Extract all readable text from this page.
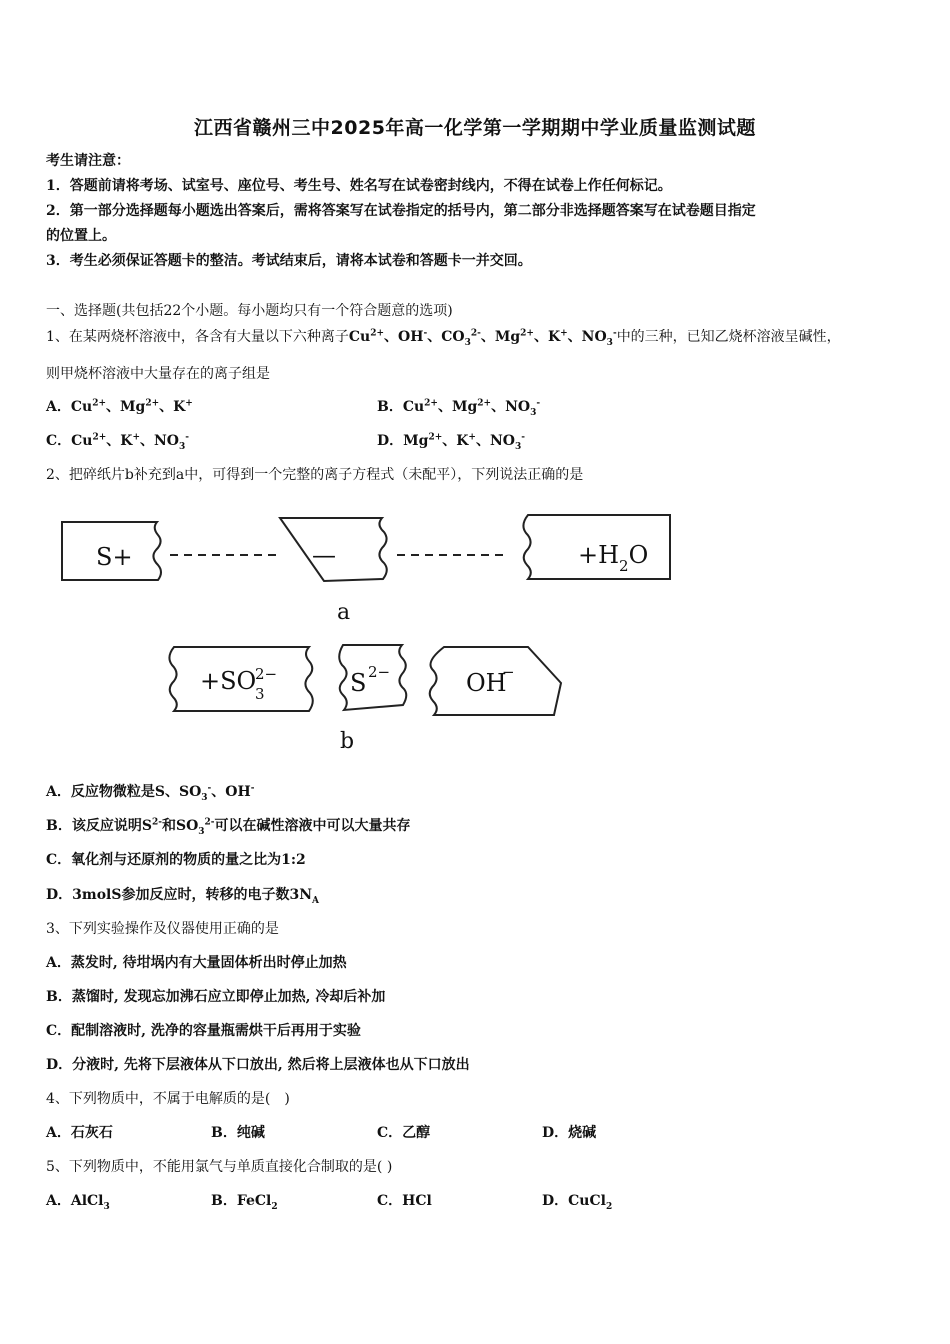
江西省赣州三中2025年高一化学第一学期期中学业质量监测试题
考生请注意：
1．答题前请将考场、试室号、座位号、考生号、姓名写在试卷密封线内，不得在试卷上作任何标记。
2．第一部分选择题每小题选出答案后，需将答案写在试卷指定的括号内，第二部分非选择题答案写在试卷题目指定
的位置上。
3．考生必须保证答题卡的整洁。考试结束后，请将本试卷和答题卡一并交回。
一、选择题(共包括22个小题。每小题均只有一个符合题意的选项)
1、在某两烧杯溶液中，各含有大量以下六种离子$Cu^{2+}$、OH-、$CO_3^{2-}$、$Mg^{2+}$、K+、$NO_3^-$中的三种，已知乙烧杯溶液呈碱性，
则甲烧杯溶液中大量存在的离子组是
A．$Cu^{2+}$、$Mg^{2+}$、K+	B．$Cu^{2+}$、$Mg^{2+}$、$NO_3^-$
C．$Cu^{2+}$、K+、$NO_3^-$	D．$Mg^{2+}$、K+、$NO_3^-$
2、把碎纸片b补充到a中，可得到一个完整的离子方程式（未配平），下列说法正确的是
S+	—	$+H_2O$
a
+SO
2−
3	S 2−	OH
−
b
A．反应物微粒是S、$SO_3^-$、OH-
B．该反应说明$S^{2-}$和$SO_3^{2-}$可以在碱性溶液中可以大量共存
C．氧化剂与还原剂的物质的量之比为1:2
D．3molS参加反应时，转移的电子数$3N_A$
3、下列实验操作及仪器使用正确的是
A．蒸发时, 待坩埚内有大量固体析出时停止加热
B．蒸馏时, 发现忘加沸石应立即停止加热, 冷却后补加
C．配制溶液时, 洗净的容量瓶需烘干后再用于实验
D．分液时, 先将下层液体从下口放出, 然后将上层液体也从下口放出
4、下列物质中，不属于电解质的是(　)
A．石灰石	B．纯碱	C．乙醇	D．烧碱
5、下列物质中，不能用氯气与单质直接化合制取的是( )
A．AlCl$_3$	B．FeCl$_2$	C．HCl	D．CuCl$_2$
